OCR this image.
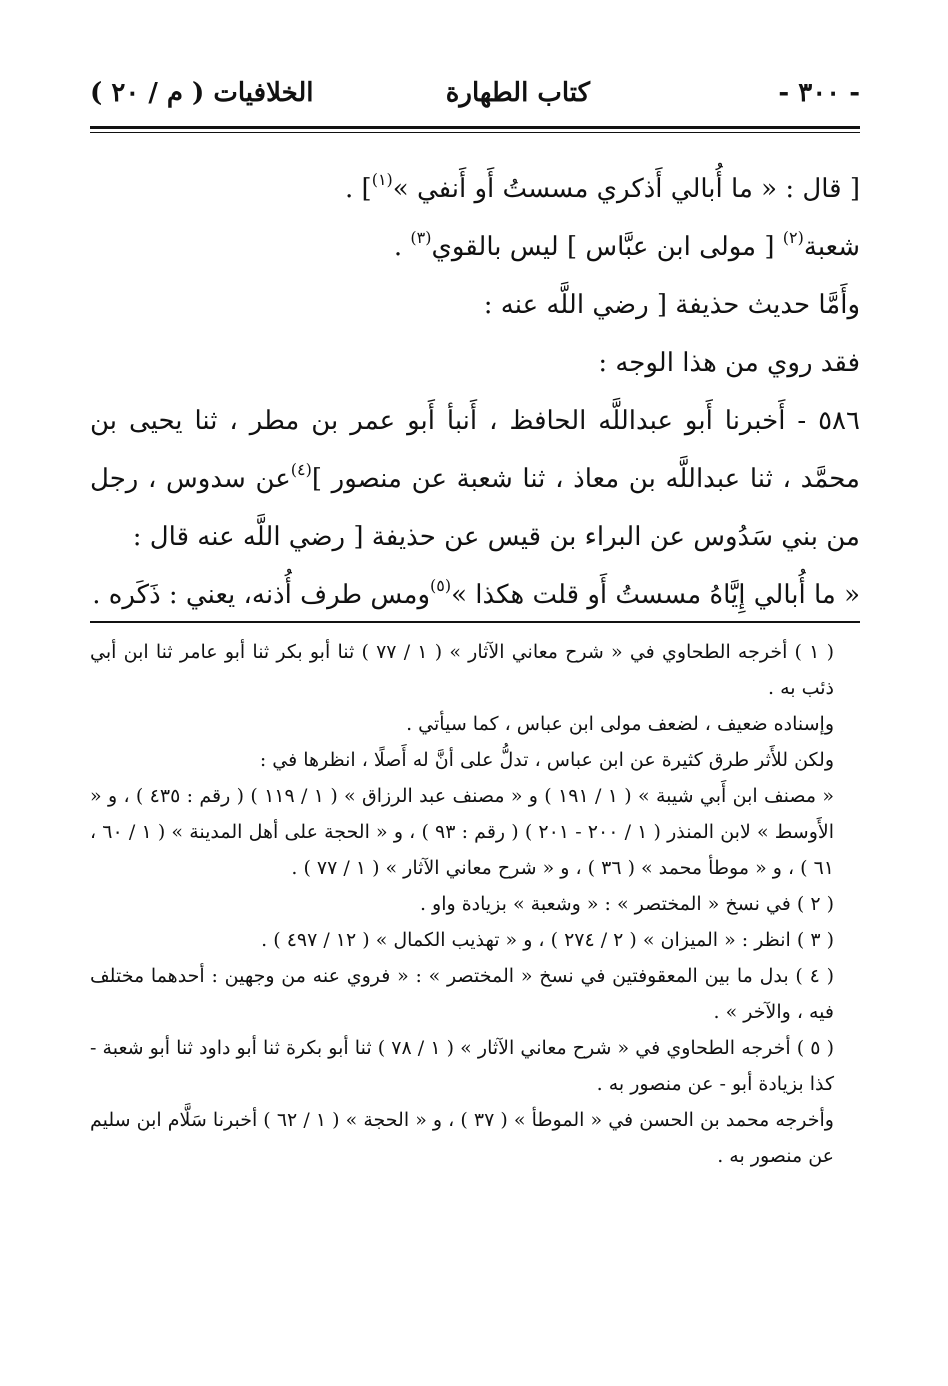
- ٣٠٠ -
كتاب الطهارة
الخلافيات ( م / ٢٠ )

[ قال : « ما أُبالي أَذكري مسستُ أَو أَنفي »$^{(١)}$] .

شعبة$^{(٢)}$ [ مولى ابن عبَّاس ] ليس بالقوي$^{(٣)}$ .

وأَمَّا حديث حذيفة [ رضي اللَّه عنه :

فقد روي من هذا الوجه :

٥٨٦ - أَخبرنا أَبو عبداللَّه الحافظ ، أَنبأ أَبو عمر بن مطر ، ثنا يحيى بن محمَّد ، ثنا عبداللَّه بن معاذ ، ثنا شعبة عن منصور ]$^{(٤)}$عن سدوس ، رجل من بني سَدُوس عن البراء بن قيس عن حذيفة [ رضي اللَّه عنه قال :

« ما أُبالي إِيَّاهُ مسستُ أَو قلت هكذا »$^{(٥)}$ومس طرف أُذنه، يعني : ذَكَره .

( ١ ) أخرجه الطحاوي في « شرح معاني الآثار » ( ١ / ٧٧ ) ثنا أبو بكر ثنا أبو عامر ثنا ابن أبي ذئب به .

وإسناده ضعيف ، لضعف مولى ابن عباس ، كما سيأتي .

ولكن للأَثر طرق كثيرة عن ابن عباس ، تدلُّ على أنَّ له أَصلًا ، انظرها في :

« مصنف ابن أَبي شيبة » ( ١ / ١٩١ ) و « مصنف عبد الرزاق » ( ١ / ١١٩ ) ( رقم : ٤٣٥ ) ، و « الأَوسط » لابن المنذر ( ١ / ٢٠٠ - ٢٠١ ) ( رقم : ٩٣ ) ، و « الحجة على أهل المدينة » ( ١ / ٦٠ ، ٦١ ) ، و « موطأ محمد » ( ٣٦ ) ، و « شرح معاني الآثار » ( ١ / ٧٧ ) .

( ٢ ) في نسخ « المختصر » : « وشعبة » بزيادة واو .

( ٣ ) انظر : « الميزان » ( ٢ / ٢٧٤ ) ، و « تهذيب الكمال » ( ١٢ / ٤٩٧ ) .

( ٤ ) بدل ما بين المعقوفتين في نسخ « المختصر » : « فروي عنه من وجهين : أحدهما مختلف فيه ، والآخر » .

( ٥ ) أخرجه الطحاوي في « شرح معاني الآثار » ( ١ / ٧٨ ) ثنا أبو بكرة ثنا أبو داود ثنا أبو شعبة - كذا بزيادة أبو - عن منصور به .

وأخرجه محمد بن الحسن في « الموطأ » ( ٣٧ ) ، و « الحجة » ( ١ / ٦٢ ) أخبرنا سَلَّام ابن سليم عن منصور به .
